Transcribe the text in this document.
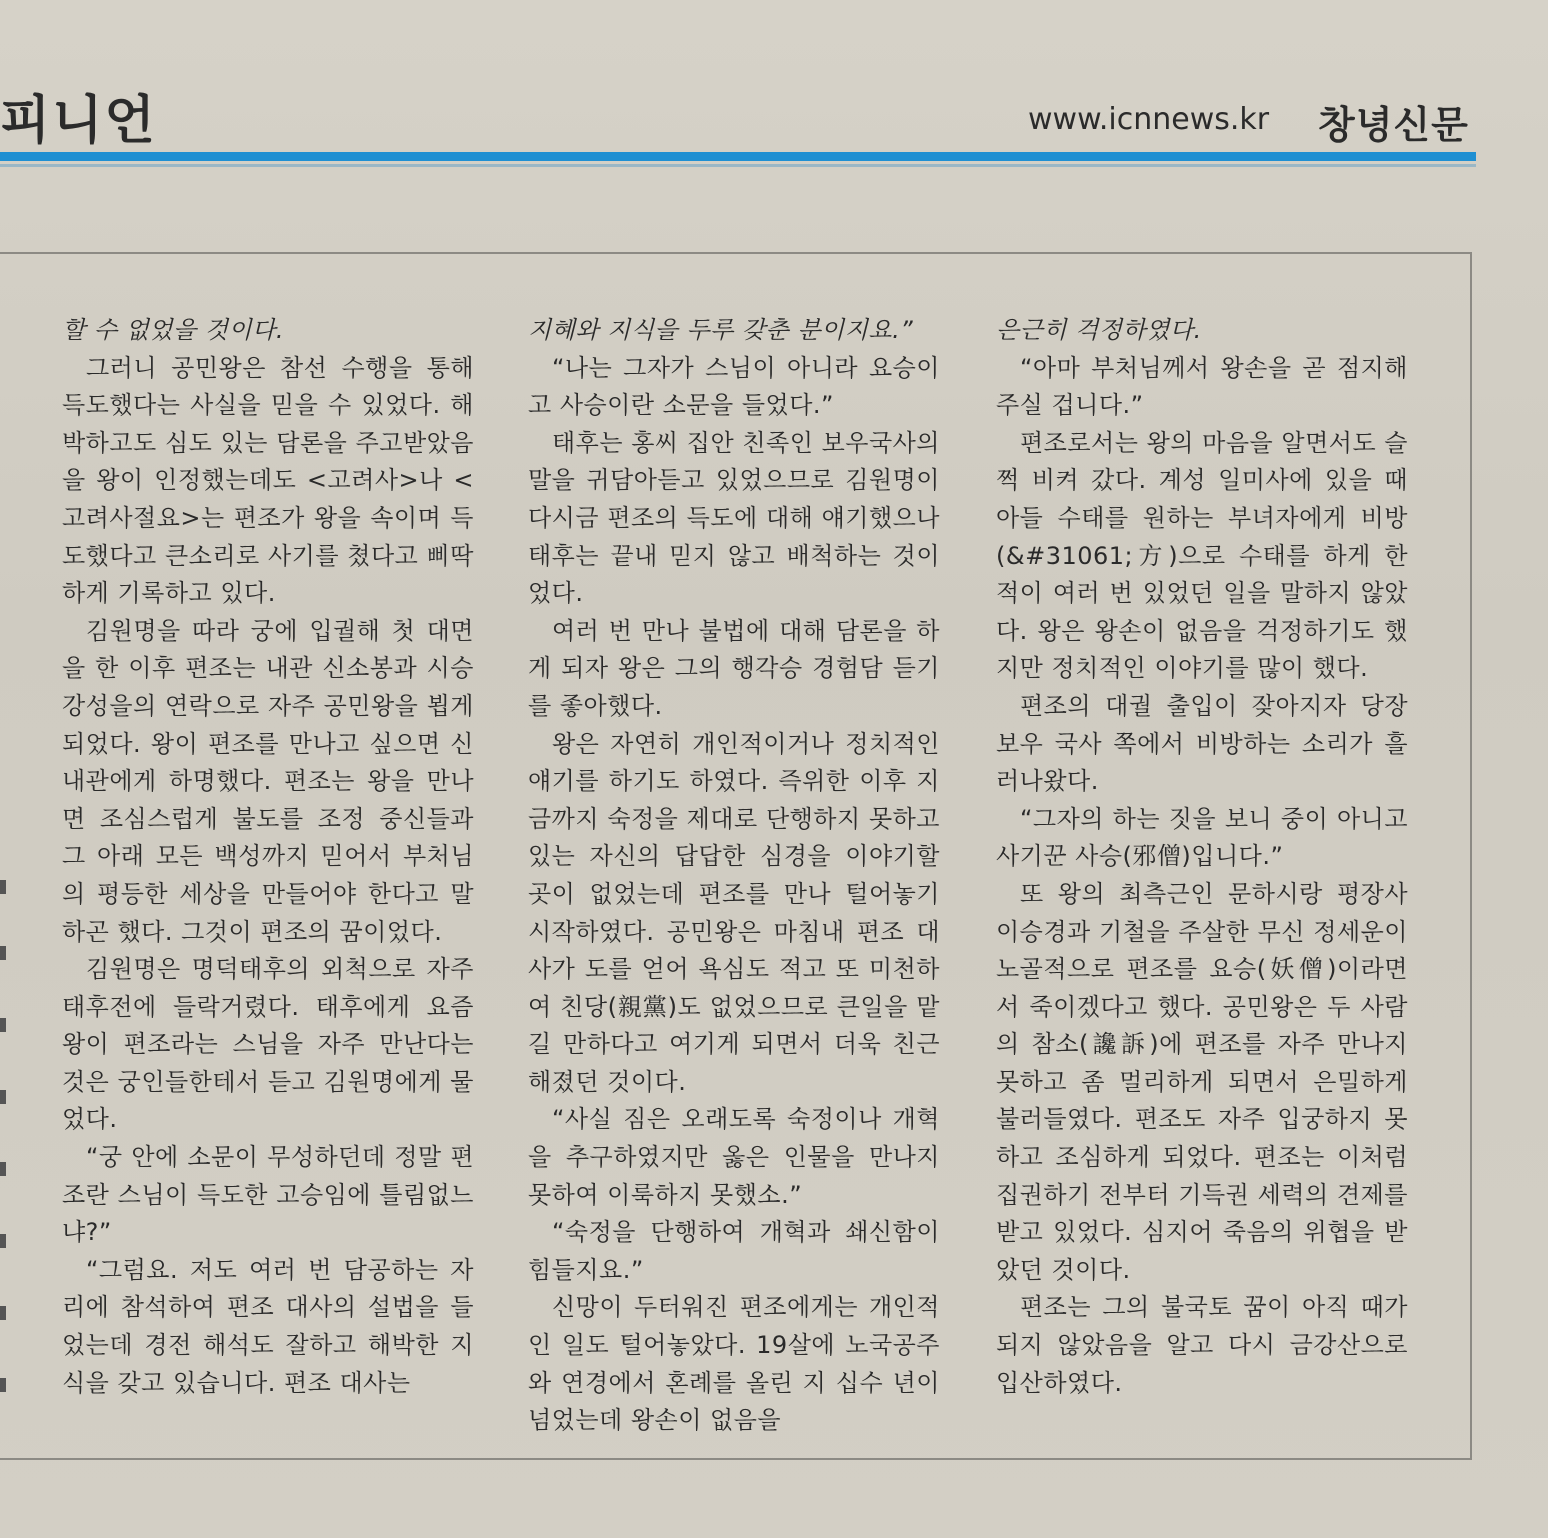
피니언	www.icnnews.kr 창녕신문

할 수 없었을 것이다.

그러니 공민왕은 참선 수행을 통해 득도했다는 사실을 믿을 수 있었다. 해박하고도 심도 있는 담론을 주고받았음을 왕이 인정했는데도 <고려사>나 <고려사절요>는 편조가 왕을 속이며 득도했다고 큰소리로 사기를 쳤다고 삐딱하게 기록하고 있다.

김원명을 따라 궁에 입궐해 첫 대면을 한 이후 편조는 내관 신소봉과 시승 강성을의 연락으로 자주 공민왕을 뵙게 되었다. 왕이 편조를 만나고 싶으면 신 내관에게 하명했다. 편조는 왕을 만나면 조심스럽게 불도를 조정 중신들과 그 아래 모든 백성까지 믿어서 부처님의 평등한 세상을 만들어야 한다고 말하곤 했다. 그것이 편조의 꿈이었다.

김원명은 명덕태후의 외척으로 자주 태후전에 들락거렸다. 태후에게 요즘 왕이 편조라는 스님을 자주 만난다는 것은 궁인들한테서 듣고 김원명에게 물었다.

“궁 안에 소문이 무성하던데 정말 편조란 스님이 득도한 고승임에 틀림없느냐?”

“그럼요. 저도 여러 번 담공하는 자리에 참석하여 편조 대사의 설법을 들었는데 경전 해석도 잘하고 해박한 지식을 갖고 있습니다. 편조 대사는

지혜와 지식을 두루 갖춘 분이지요.”

“나는 그자가 스님이 아니라 요승이고 사승이란 소문을 들었다.”

태후는 홍씨 집안 친족인 보우국사의 말을 귀담아듣고 있었으므로 김원명이 다시금 편조의 득도에 대해 얘기했으나 태후는 끝내 믿지 않고 배척하는 것이었다.

여러 번 만나 불법에 대해 담론을 하게 되자 왕은 그의 행각승 경험담 듣기를 좋아했다.

왕은 자연히 개인적이거나 정치적인 얘기를 하기도 하였다. 즉위한 이후 지금까지 숙정을 제대로 단행하지 못하고 있는 자신의 답답한 심경을 이야기할 곳이 없었는데 편조를 만나 털어놓기 시작하였다. 공민왕은 마침내 편조 대사가 도를 얻어 욕심도 적고 또 미천하여 친당(親黨)도 없었으므로 큰일을 맡길 만하다고 여기게 되면서 더욱 친근해졌던 것이다.

“사실 짐은 오래도록 숙정이나 개혁을 추구하였지만 옳은 인물을 만나지 못하여 이룩하지 못했소.”

“숙정을 단행하여 개혁과 쇄신함이 힘들지요.”

신망이 두터워진 편조에게는 개인적인 일도 털어놓았다. 19살에 노국공주와 연경에서 혼례를 올린 지 십수 년이 넘었는데 왕손이 없음을

은근히 걱정하였다.

“아마 부처님께서 왕손을 곧 점지해 주실 겁니다.”

편조로서는 왕의 마음을 알면서도 슬쩍 비켜 갔다. 계성 일미사에 있을 때 아들 수태를 원하는 부녀자에게 비방(&#31061;方)으로 수태를 하게 한 적이 여러 번 있었던 일을 말하지 않았다. 왕은 왕손이 없음을 걱정하기도 했지만 정치적인 이야기를 많이 했다.

편조의 대궐 출입이 잦아지자 당장 보우 국사 쪽에서 비방하는 소리가 흘러나왔다.

“그자의 하는 짓을 보니 중이 아니고 사기꾼 사승(邪僧)입니다.”

또 왕의 최측근인 문하시랑 평장사 이승경과 기철을 주살한 무신 정세운이 노골적으로 편조를 요승(妖僧)이라면서 죽이겠다고 했다. 공민왕은 두 사람의 참소(讒訴)에 편조를 자주 만나지 못하고 좀 멀리하게 되면서 은밀하게 불러들였다. 편조도 자주 입궁하지 못하고 조심하게 되었다. 편조는 이처럼 집권하기 전부터 기득권 세력의 견제를 받고 있었다. 심지어 죽음의 위협을 받았던 것이다.

편조는 그의 불국토 꿈이 아직 때가 되지 않았음을 알고 다시 금강산으로 입산하였다.
